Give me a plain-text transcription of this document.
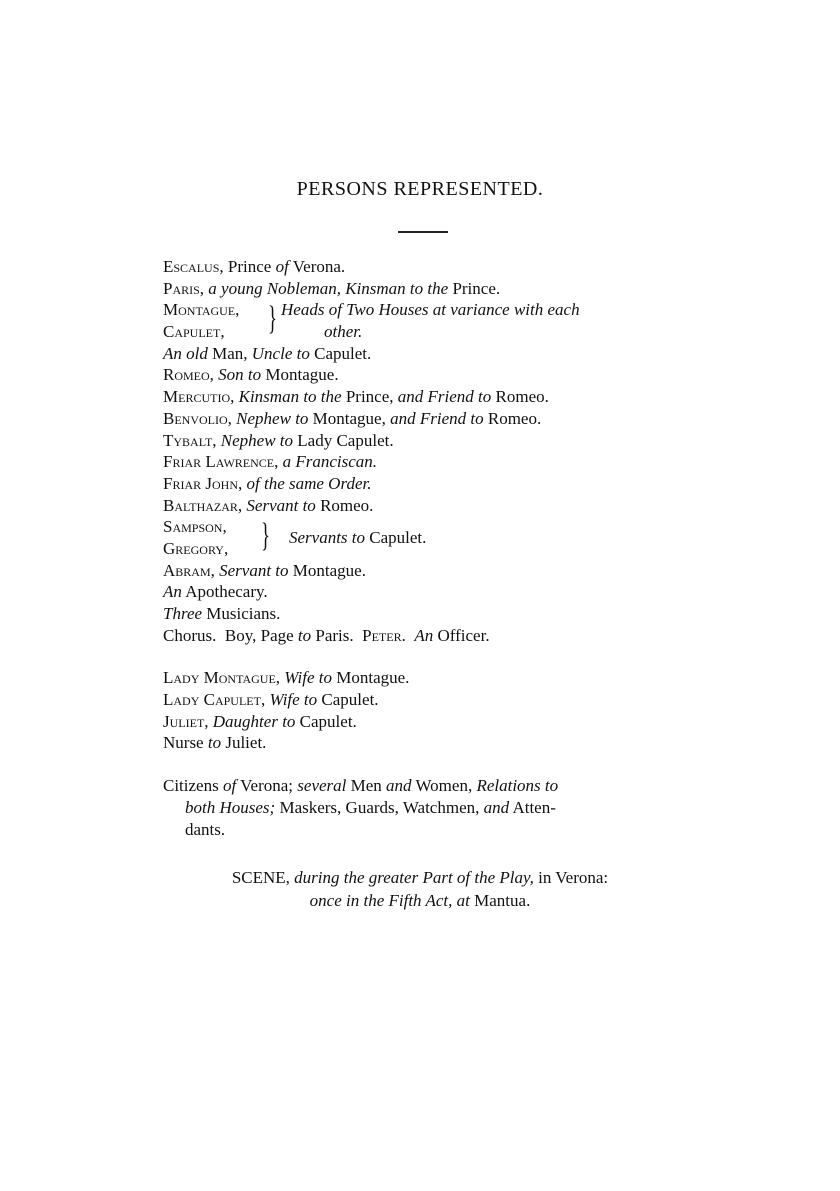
PERSONS REPRESENTED.
Escalus, Prince of Verona.
Paris, a young Nobleman, Kinsman to the Prince.
Montague,
Capulet,	} Heads of Two Houses at variance with each
other.
An old Man, Uncle to Capulet.
Romeo, Son to Montague.
Mercutio, Kinsman to the Prince, and Friend to Romeo.
Benvolio, Nephew to Montague, and Friend to Romeo.
Tybalt, Nephew to Lady Capulet.
Friar Lawrence, a Franciscan.
Friar John, of the same Order.
Balthazar, Servant to Romeo.
Sampson,
Gregory, } Servants to Capulet.
Abram, Servant to Montague.
An Apothecary.
Three Musicians.
Chorus. Boy, Page to Paris. Peter. An Officer.
Lady Montague, Wife to Montague.
Lady Capulet, Wife to Capulet.
Juliet, Daughter to Capulet.
Nurse to Juliet.
Citizens of Verona; several Men and Women, Relations to
both Houses; Maskers, Guards, Watchmen, and Atten-
dants.
SCENE, during the greater Part of the Play, in Verona:
once in the Fifth Act, at Mantua.
